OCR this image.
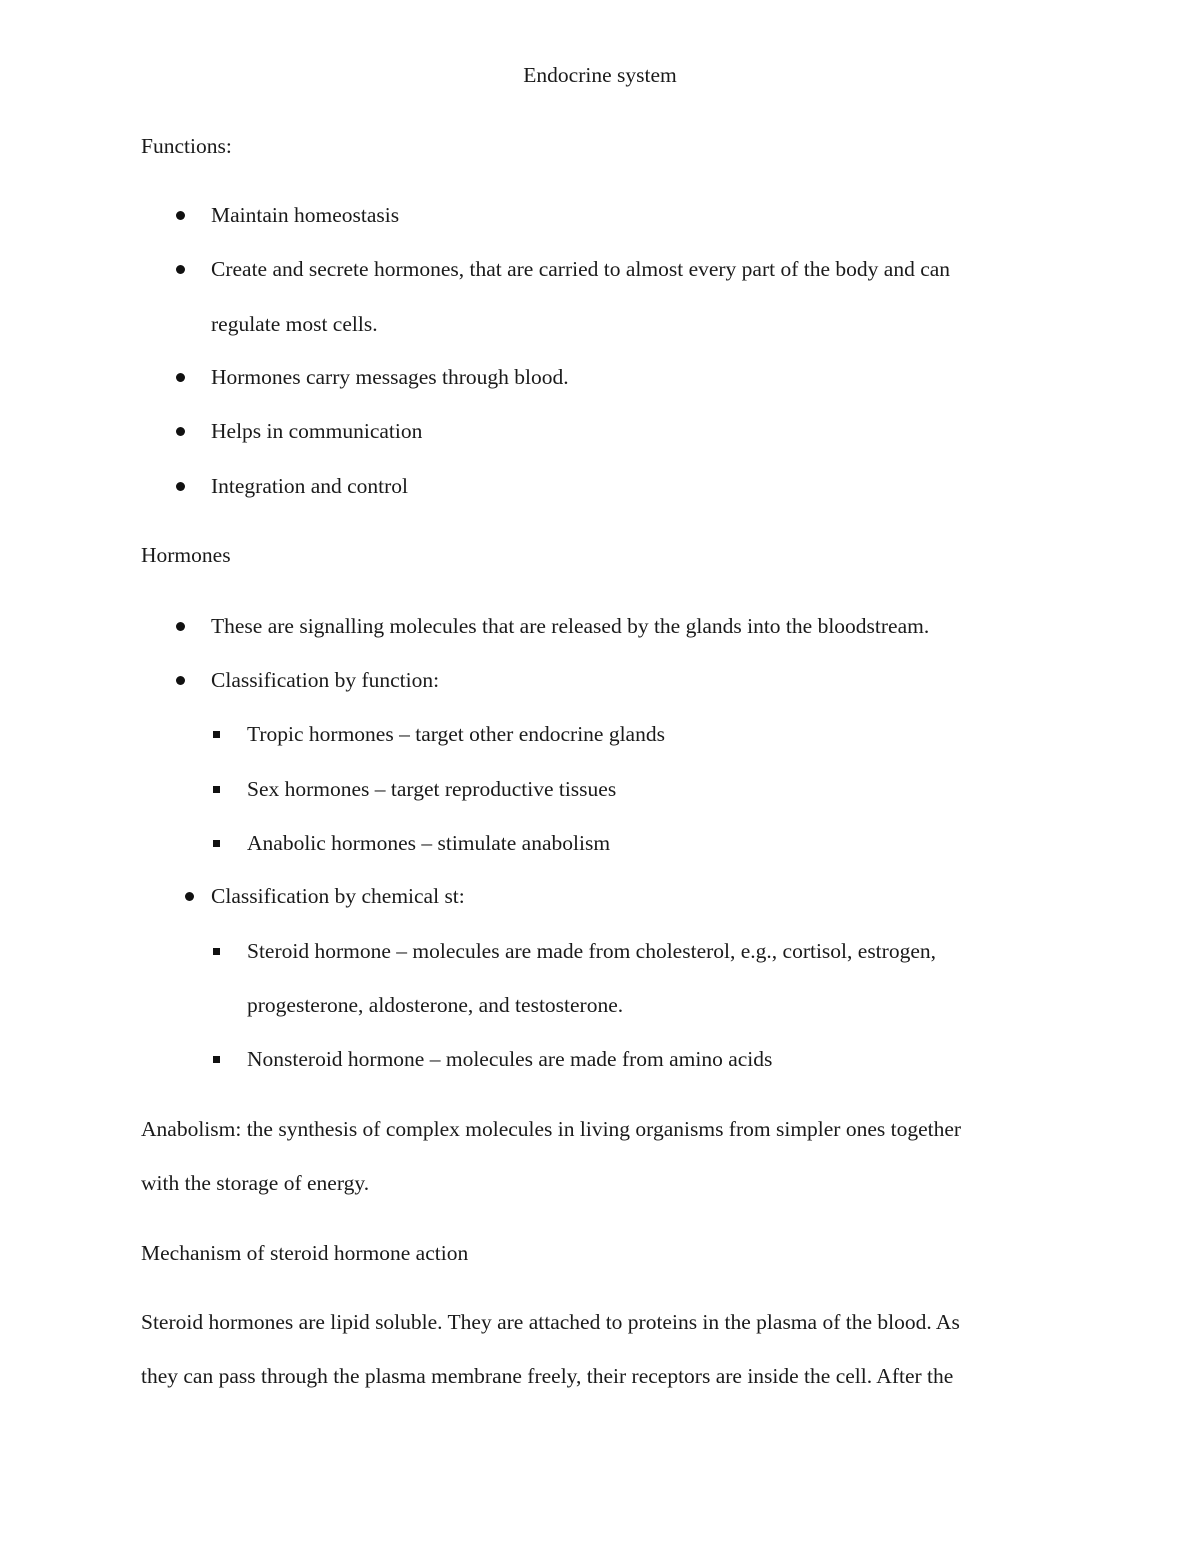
Endocrine system
Functions:
Maintain homeostasis
Create and secrete hormones, that are carried to almost every part of the body and can
regulate most cells.
Hormones carry messages through blood.
Helps in communication
Integration and control
Hormones
These are signalling molecules that are released by the glands into the bloodstream.
Classification by function:
Tropic hormones – target other endocrine glands
Sex hormones – target reproductive tissues
Anabolic hormones – stimulate anabolism
Classification by chemical st:
Steroid hormone – molecules are made from cholesterol, e.g., cortisol, estrogen,
progesterone, aldosterone, and testosterone.
Nonsteroid hormone – molecules are made from amino acids
Anabolism: the synthesis of complex molecules in living organisms from simpler ones together
with the storage of energy.
Mechanism of steroid hormone action
Steroid hormones are lipid soluble. They are attached to proteins in the plasma of the blood. As
they can pass through the plasma membrane freely, their receptors are inside the cell. After the
